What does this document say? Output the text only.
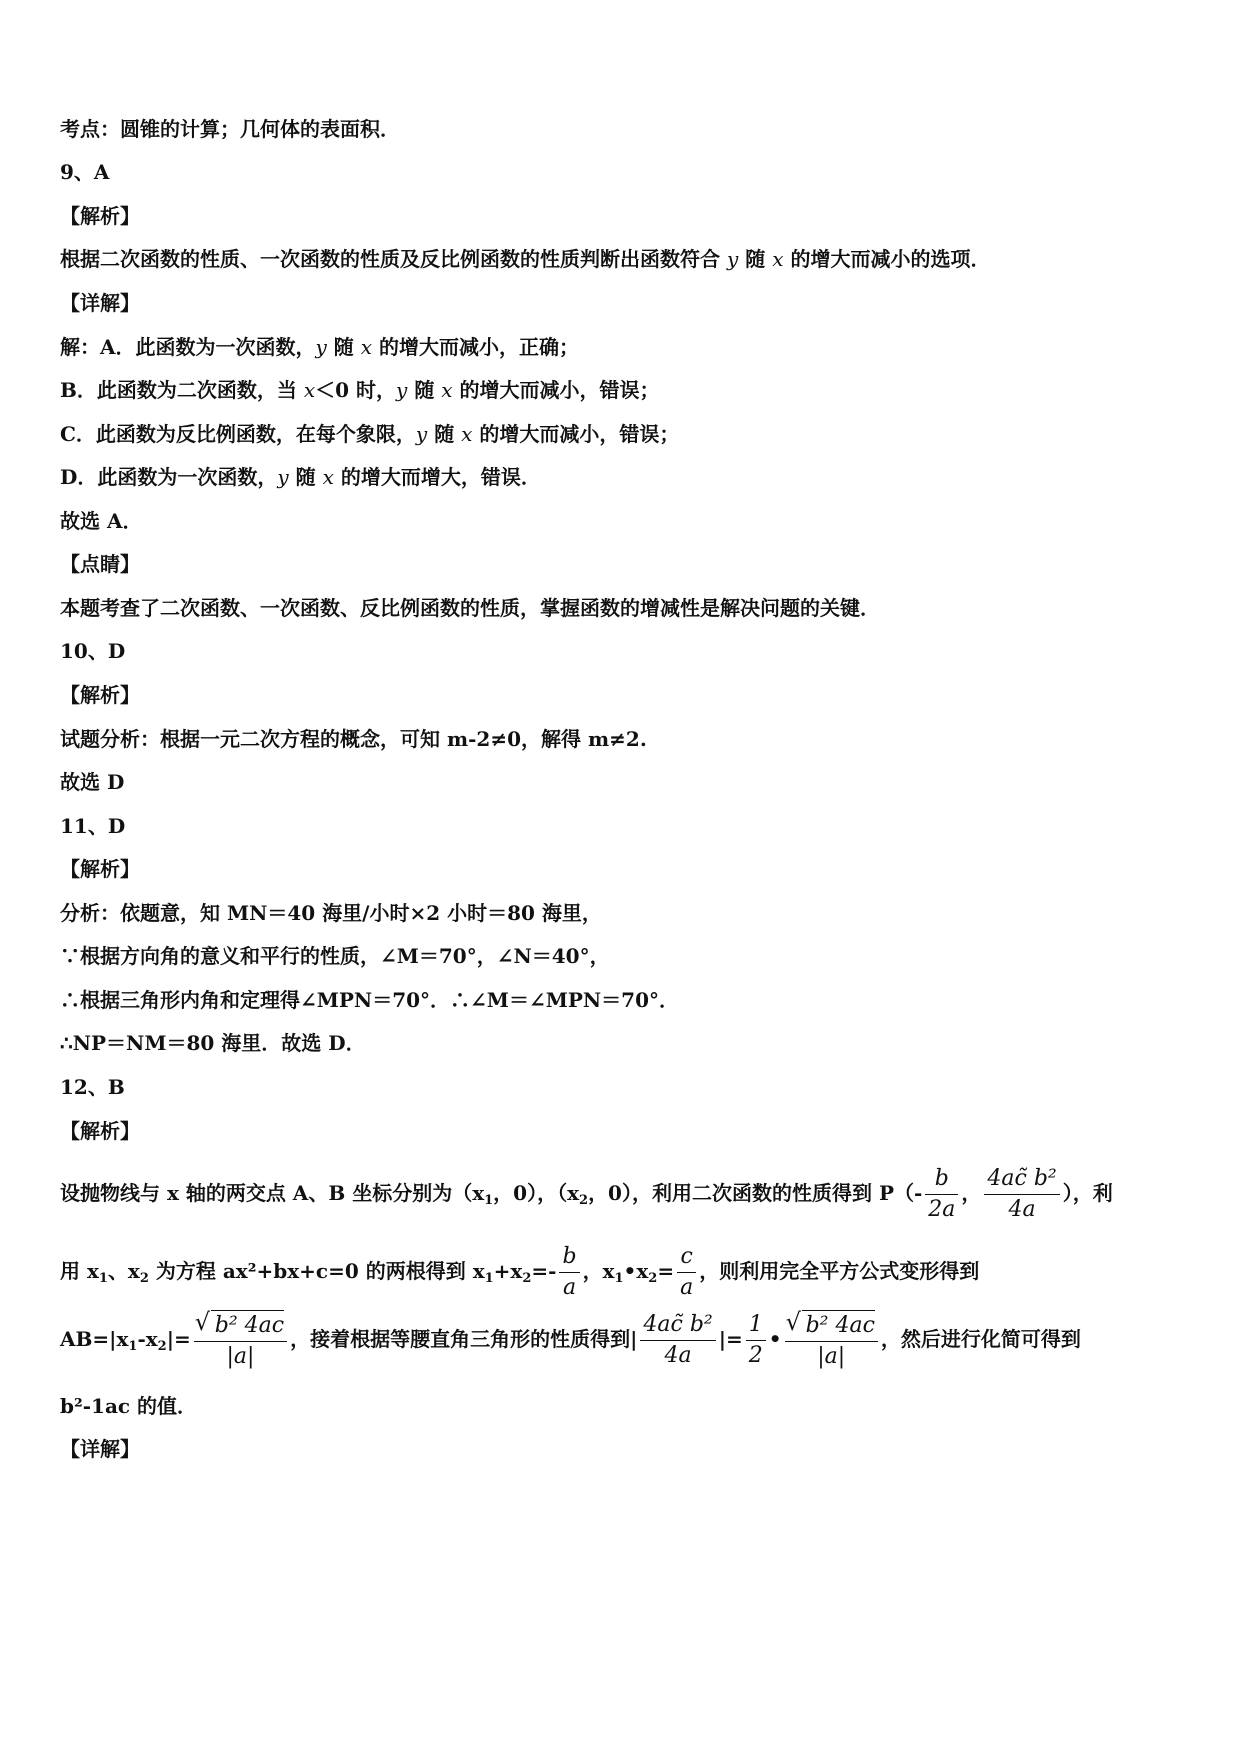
考点：圆锥的计算；几何体的表面积．
9、A
【解析】
根据二次函数的性质、一次函数的性质及反比例函数的性质判断出函数符合 y 随 x 的增大而减小的选项．
【详解】
解：A．此函数为一次函数，y 随 x 的增大而减小，正确；
B．此函数为二次函数，当 x＜0 时，y 随 x 的增大而减小，错误；
C．此函数为反比例函数，在每个象限，y 随 x 的增大而减小，错误；
D．此函数为一次函数，y 随 x 的增大而增大，错误．
故选 A．
【点睛】
本题考查了二次函数、一次函数、反比例函数的性质，掌握函数的增减性是解决问题的关键．
10、D
【解析】
试题分析：根据一元二次方程的概念，可知 m-2≠0，解得 m≠2.
故选 D
11、D
【解析】
分析：依题意，知 MN＝40 海里/小时×2 小时＝80 海里，
∵根据方向角的意义和平行的性质，∠M＝70°，∠N＝40°，
∴根据三角形内角和定理得∠MPN＝70°．∴∠M＝∠MPN＝70°．
∴NP＝NM＝80 海里．故选 D．
12、B
【解析】
设抛物线与 x 轴的两交点 A、B 坐标分别为（$x_1$，0），（$x_2$，0），利用二次函数的性质得到 $P(- \frac{b}{2a}$ ， $\frac{\text{4ac̃ b²}}{4a}$ ），利
用 $x_1$、$x_2$ 为方程 ax²+bx+c=0 的两根得到 $x_1+x_2=- \frac{b}{a}$ ，$x_1•x_2= \frac{c}{a}$ ，则利用完全平方公式变形得到
$AB=|x_1-x_2|=$ √ $\frac{\text{b² 4ac}}{|a|}$ ，接着根据等腰直角三角形的性质得到| $\frac{\text{4ac̃ b²}}{4a}$ |= $\frac{1}{2}$ • √ $\frac{\text{b² 4ac}}{|a|}$ ，然后进行化简可得到
b²-1ac 的值．
【详解】
